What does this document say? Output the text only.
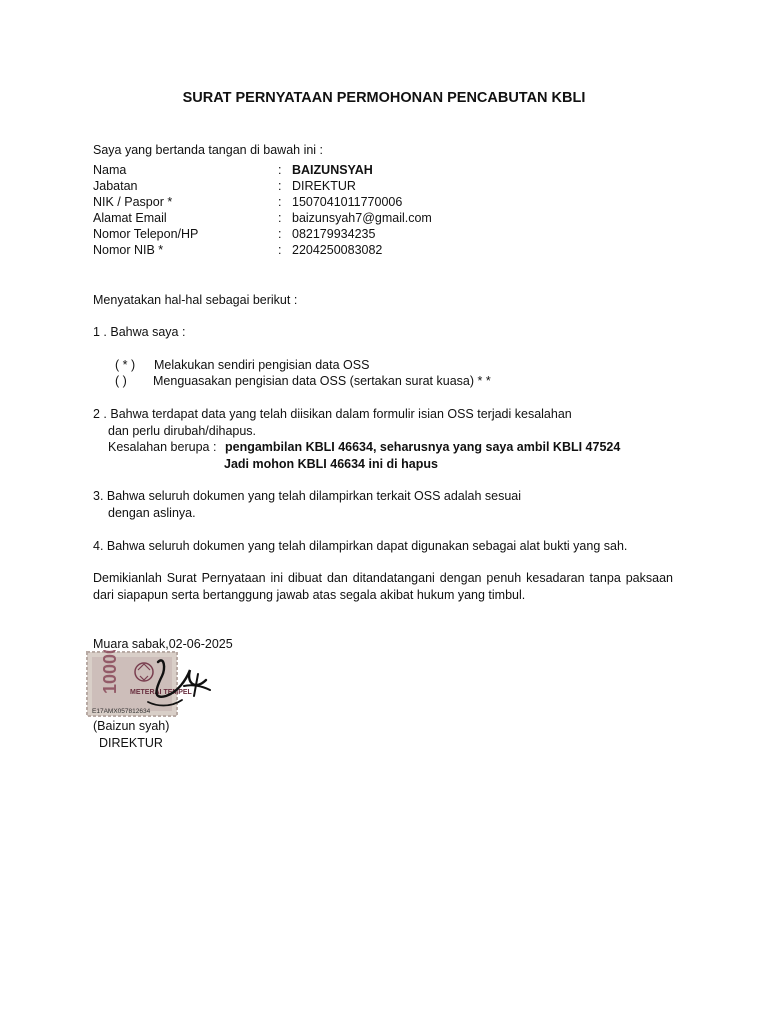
SURAT PERNYATAAN PERMOHONAN PENCABUTAN KBLI
Saya yang bertanda tangan di bawah ini :
Nama	: BAIZUNSYAH
Jabatan	: DIREKTUR
NIK / Paspor *	: 1507041011770006
Alamat Email	: baizunsyah7@gmail.com
Nomor Telepon/HP	: 082179934235
Nomor NIB *	: 2204250083082
Menyatakan hal-hal sebagai berikut :
1 . Bahwa saya :
( * ) Melakukan sendiri pengisian data OSS
( ) Menguasakan pengisian data OSS (sertakan surat kuasa) * *
2 . Bahwa terdapat data yang telah diisikan dalam formulir isian OSS terjadi kesalahan
dan perlu dirubah/dihapus.
Kesalahan berupa : pengambilan KBLI 46634, seharusnya yang saya ambil KBLI 47524
Jadi mohon KBLI 46634 ini di hapus
3. Bahwa seluruh dokumen yang telah dilampirkan terkait OSS adalah sesuai
dengan aslinya.
4. Bahwa seluruh dokumen yang telah dilampirkan dapat digunakan sebagai alat bukti yang sah.
Demikianlah Surat Pernyataan ini dibuat dan ditandatangani dengan penuh kesadaran tanpa paksaan dari siapapun serta bertanggung jawab atas segala akibat hukum yang timbul.
Muara sabak,02-06-2025
10000 METERAI TEMPEL
E17AMX057812634
(Baizun syah)
DIREKTUR
